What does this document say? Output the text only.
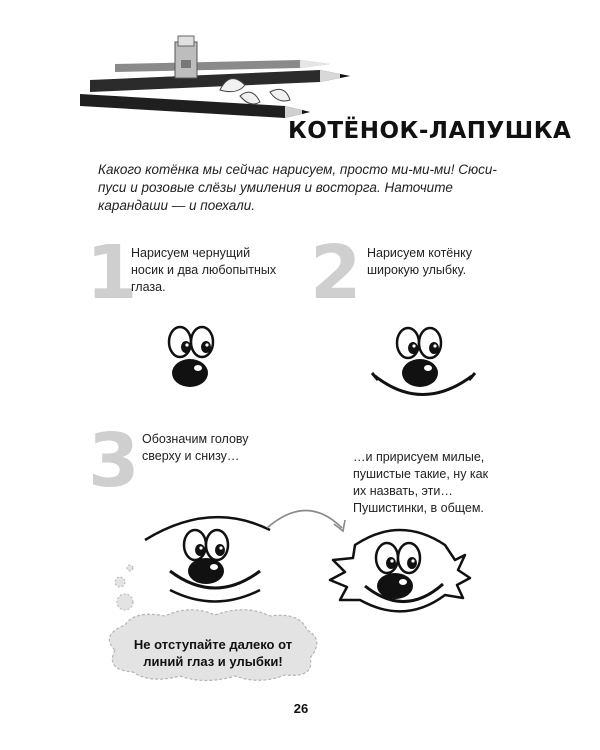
КОТЁНОК-ЛАПУШКА
Какого котёнка мы сейчас нарисуем, просто ми-ми-ми! Сюси-пуси и розовые слёзы умиления и восторга. Наточите карандаши — и поехали.
1
Нарисуем чернущий носик и два любопытных глаза.	2 Нарисуем котёнку широкую улыбку.
3 Обозначим голову сверху и снизу…	…и пририсуем милые, пушистые такие, ну как их назвать, эти… Пушистинки, в общем.
Не отступайте далеко от линий глаз и улыбки!
26
